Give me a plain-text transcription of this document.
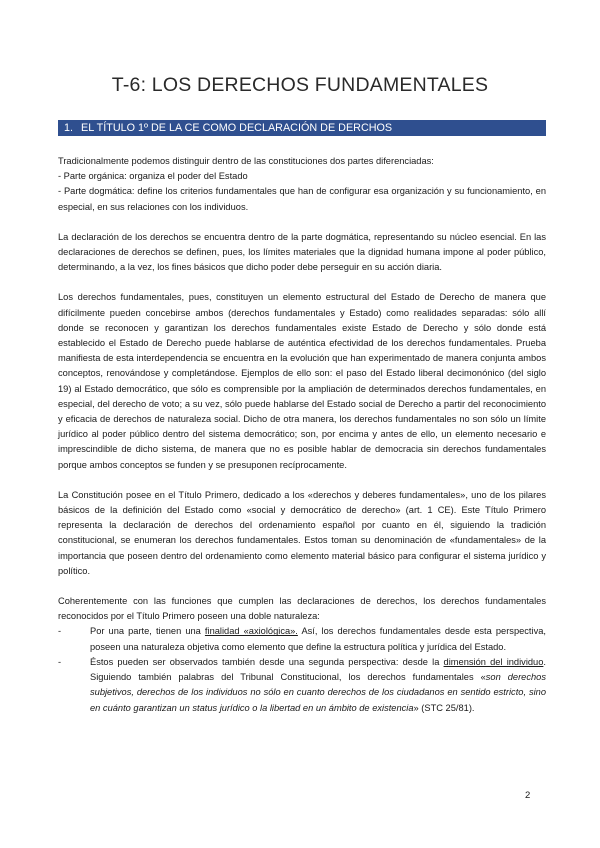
T-6: LOS DERECHOS FUNDAMENTALES
1. EL TÍTULO 1º DE LA CE COMO DECLARACIÓN DE DERCHOS

Tradicionalmente podemos distinguir dentro de las constituciones dos partes diferenciadas:
- Parte orgánica: organiza el poder del Estado
- Parte dogmática: define los criterios fundamentales que han de configurar esa organización y su funcionamiento, en especial, en sus relaciones con los individuos.

La declaración de los derechos se encuentra dentro de la parte dogmática, representando su núcleo esencial. En las declaraciones de derechos se definen, pues, los límites materiales que la dignidad humana impone al poder público, determinando, a la vez, los fines básicos que dicho poder debe perseguir en su acción diaria.

Los derechos fundamentales, pues, constituyen un elemento estructural del Estado de Derecho de manera que difícilmente pueden concebirse ambos (derechos fundamentales y Estado) como realidades separadas: sólo allí donde se reconocen y garantizan los derechos fundamentales existe Estado de Derecho y sólo donde está establecido el Estado de Derecho puede hablarse de auténtica efectividad de los derechos fundamentales. Prueba manifiesta de esta interdependencia se encuentra en la evolución que han experimentado de manera conjunta ambos conceptos, renovándose y completándose. Ejemplos de ello son: el paso del Estado liberal decimonónico (del siglo 19) al Estado democrático, que sólo es comprensible por la ampliación de determinados derechos fundamentales, en especial, del derecho de voto; a su vez, sólo puede hablarse del Estado social de Derecho a partir del reconocimiento y eficacia de derechos de naturaleza social. Dicho de otra manera, los derechos fundamentales no son sólo un límite jurídico al poder público dentro del sistema democrático; son, por encima y antes de ello, un elemento necesario e imprescindible de dicho sistema, de manera que no es posible hablar de democracia sin derechos fundamentales porque ambos conceptos se funden y se presuponen recíprocamente.

La Constitución posee en el Título Primero, dedicado a los «derechos y deberes fundamentales», uno de los pilares básicos de la definición del Estado como «social y democrático de derecho» (art. 1 CE). Este Título Primero representa la declaración de derechos del ordenamiento español por cuanto en él, siguiendo la tradición constitucional, se enumeran los derechos fundamentales. Estos toman su denominación de «fundamentales» de la importancia que poseen dentro del ordenamiento como elemento material básico para configurar el sistema jurídico y político.

Coherentemente con las funciones que cumplen las declaraciones de derechos, los derechos fundamentales reconocidos por el Título Primero poseen una doble naturaleza:

-	Por una parte, tienen una finalidad «axiológica». Así, los derechos fundamentales desde esta perspectiva, poseen una naturaleza objetiva como elemento que define la estructura política y jurídica del Estado.
-	Éstos pueden ser observados también desde una segunda perspectiva: desde la dimensión del individuo. Siguiendo también palabras del Tribunal Constitucional, los derechos fundamentales «son derechos subjetivos, derechos de los individuos no sólo en cuanto derechos de los ciudadanos en sentido estricto, sino en cuánto garantizan un status jurídico o la libertad en un ámbito de existencia» (STC 25/81).
2
